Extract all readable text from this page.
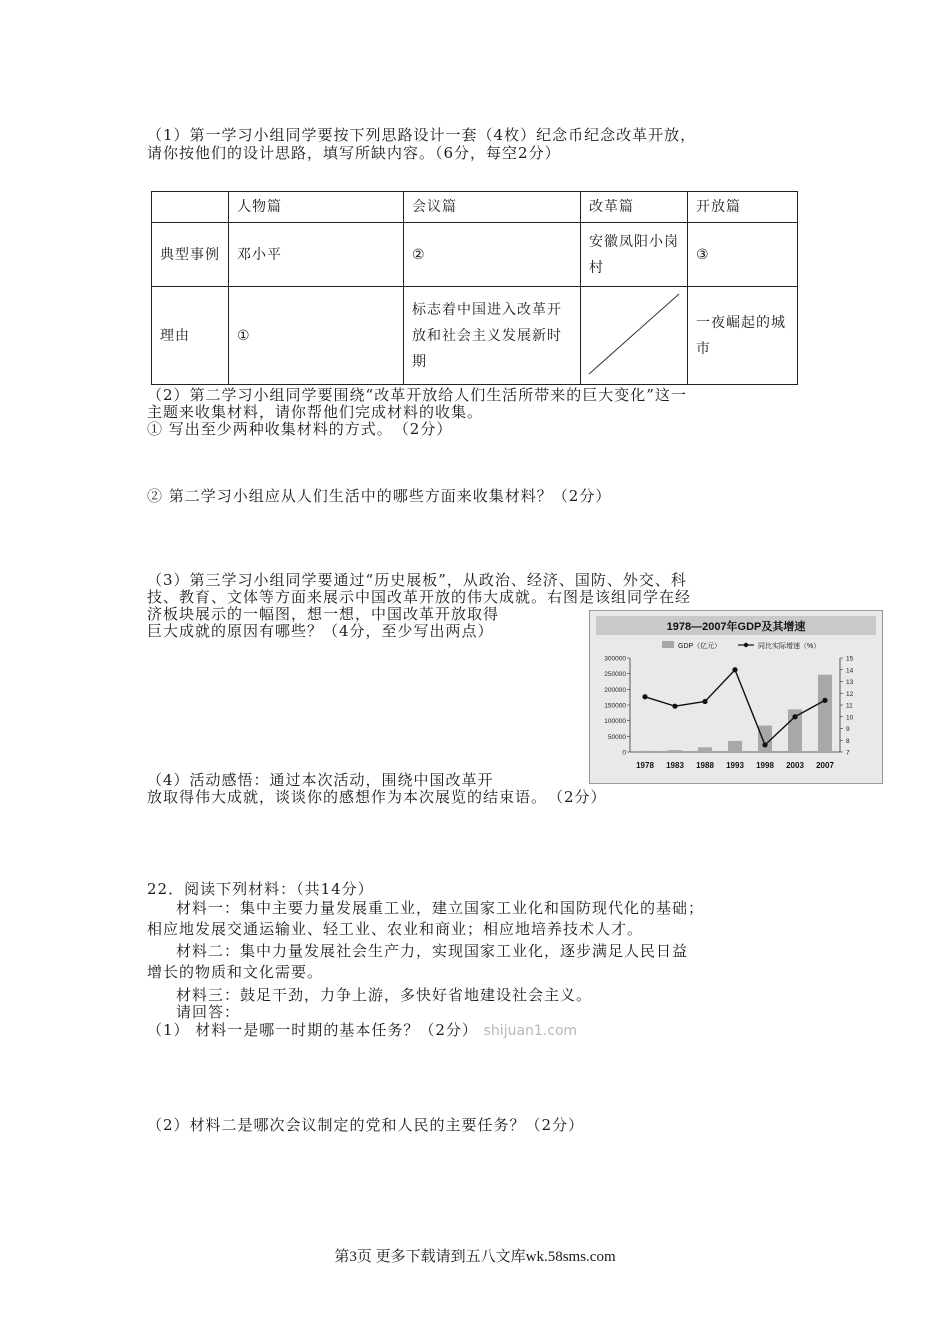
（1）第一学习小组同学要按下列思路设计一套（4枚）纪念币纪念改革开放，
请你按他们的设计思路，填写所缺内容。（6分，每空2分）
	人物篇	会议篇	改革篇	开放篇
典型事例	邓小平	②	安徽凤阳小岗村	③
理由	①	标志着中国进入改革开放和社会主义发展新时期		一夜崛起的城市
（2）第二学习小组同学要围绕“改革开放给人们生活所带来的巨大变化”这一
主题来收集材料，请你帮他们完成材料的收集。
① 写出至少两种收集材料的方式。　（2分）
② 第二学习小组应从人们生活中的哪些方面来收集材料？（2分）
（3）第三学习小组同学要通过“历史展板”，从政治、经济、国防、外交、科
技、教育、文体等方面来展示中国改革开放的伟大成就。右图是该组同学在经
济板块展示的一幅图，想一想，中国改革开放取得
巨大成就的原因有哪些？（4分，至少写出两点）	1978—2007年GDP及其增速
GDP（亿元）	同比实际增速（%）
300000
250000
200000
150000
100000
50000
0
15
14
13
12
11
10
9
8
7
1978 1983 1988 1993 1998 2003 2007
（4）活动感悟：通过本次活动，围绕中国改革开
放取得伟大成就，谈谈你的感想作为本次展览的结束语。　（2分）
22．阅读下列材料：（共14分）
材料一：集中主要力量发展重工业，建立国家工业化和国防现代化的基础；
相应地发展交通运输业、轻工业、农业和商业；相应地培养技术人才。
材料二：集中力量发展社会生产力，实现国家工业化，逐步满足人民日益
增长的物质和文化需要。
材料三：鼓足干劲，力争上游，多快好省地建设社会主义。
请回答：
（1） 材料一是哪一时期的基本任务？（2分） shijuan1.com
（2）材料二是哪次会议制定的党和人民的主要任务？（2分）
第3页 更多下载请到五八文库wk.58sms.com
